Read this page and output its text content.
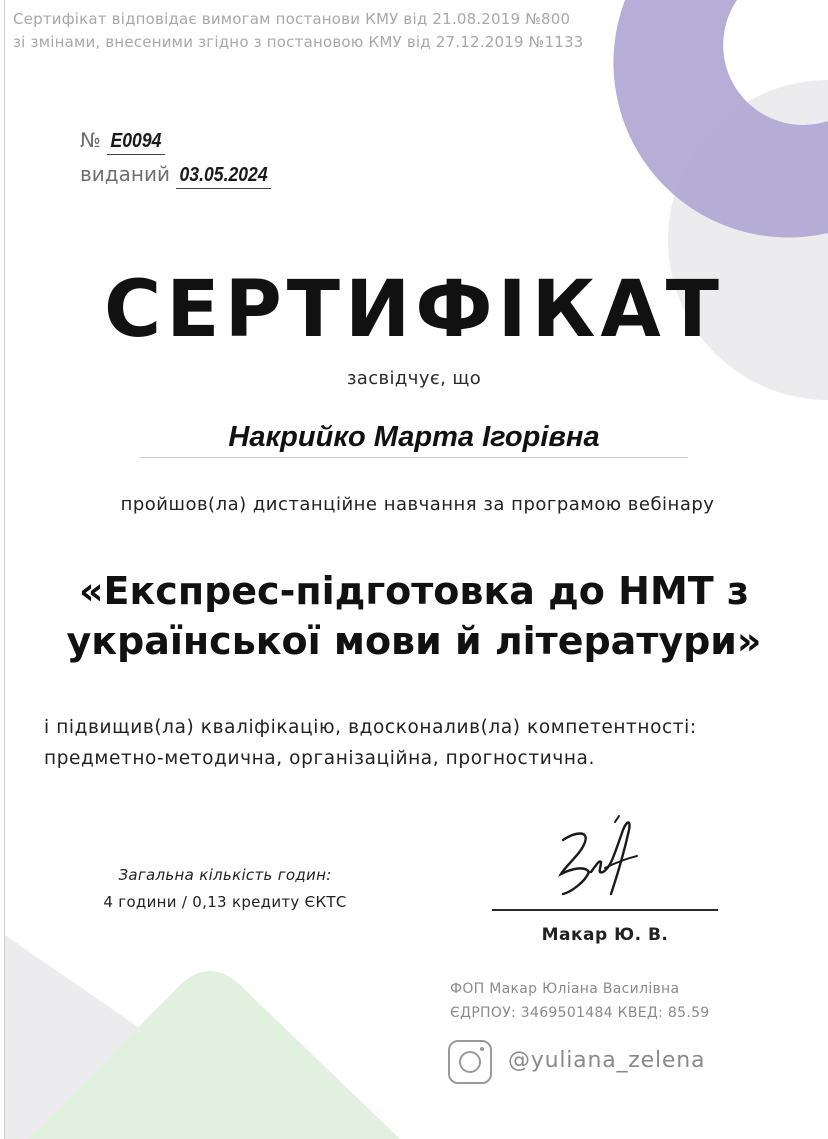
Сертифікат відповідає вимогам постанови КМУ від 21.08.2019 №800
зі змінами, внесеними згідно з постановою КМУ від 27.12.2019 №1133
№ E0094
виданий 03.05.2024
СЕРТИФІКАТ
засвідчує, що
Накрийко Марта Ігорівна
пройшов(ла) дистанційне навчання за програмою вебінару
«Експрес-підготовка до НМТ з
української мови й літератури»
і підвищив(ла) кваліфікацію, вдосконалив(ла) компетентності:
предметно-методична, організаційна, прогностична.
Загальна кількість годин:
4 години / 0,13 кредиту ЄКТС
Макар Ю. В.
ФОП Макар Юліана Василівна
ЄДРПОУ: 3469501484 КВЕД: 85.59
@yuliana_zelena
